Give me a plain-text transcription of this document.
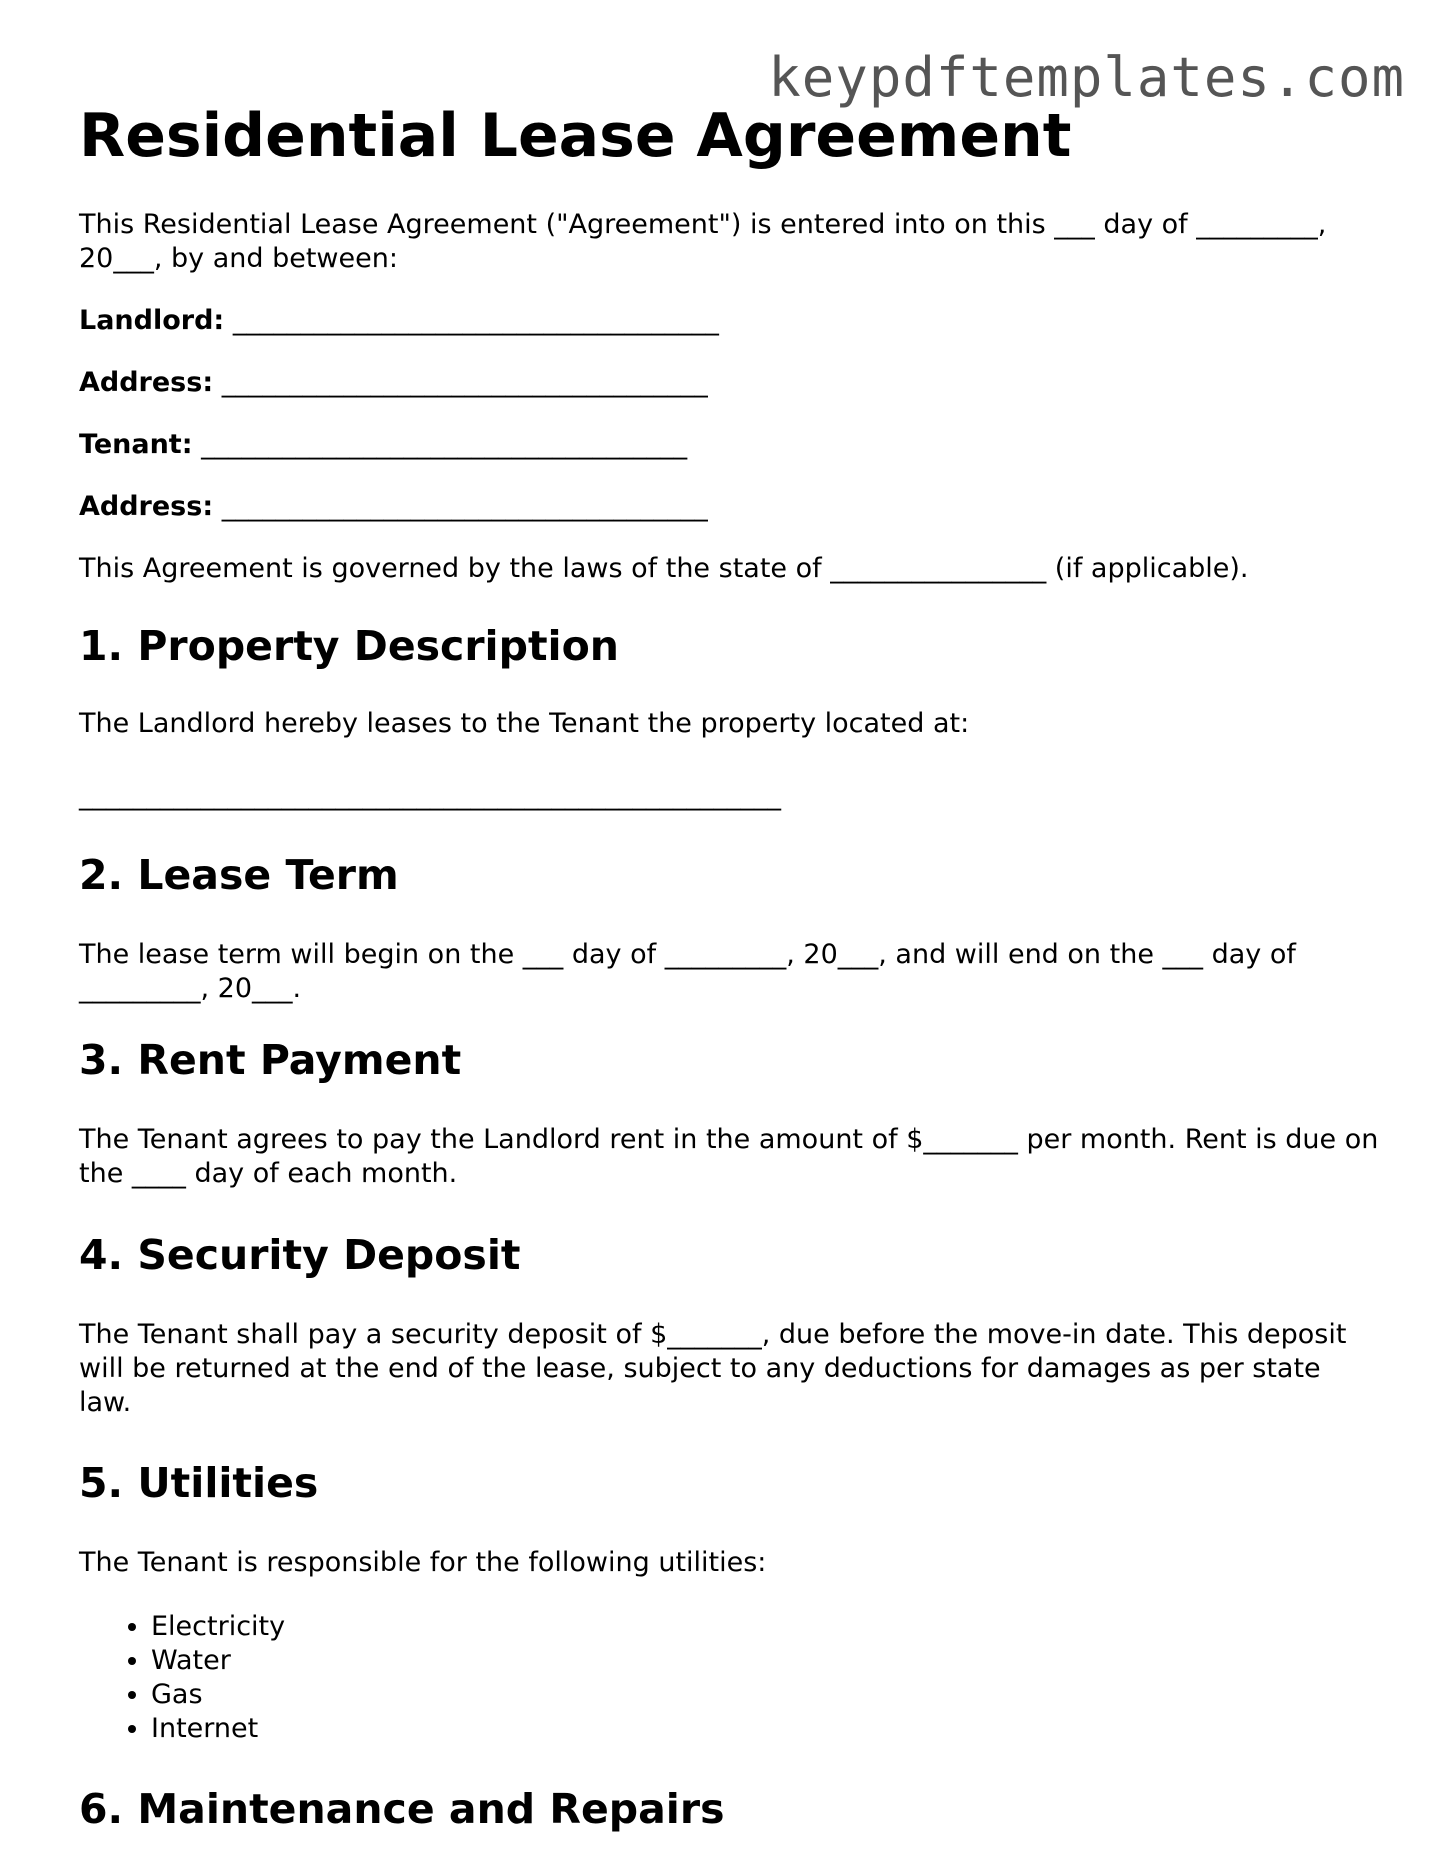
keypdftemplates.com
Residential Lease Agreement

This Residential Lease Agreement ("Agreement") is entered into on this ___ day of _________, 20___, by and between:

Landlord: ____________________________________
Address: ____________________________________
Tenant: ____________________________________
Address: ____________________________________

This Agreement is governed by the laws of the state of ________________ (if applicable).

1. Property Description

The Landlord hereby leases to the Tenant the property located at:

____________________________________________________

2. Lease Term

The lease term will begin on the ___ day of _________, 20___, and will end on the ___ day of _________, 20___.

3. Rent Payment

The Tenant agrees to pay the Landlord rent in the amount of $_______ per month. Rent is due on the ____ day of each month.

4. Security Deposit

The Tenant shall pay a security deposit of $_______, due before the move-in date. This deposit will be returned at the end of the lease, subject to any deductions for damages as per state law.

5. Utilities

The Tenant is responsible for the following utilities:

• Electricity
• Water
• Gas
• Internet
6. Maintenance and Repairs
